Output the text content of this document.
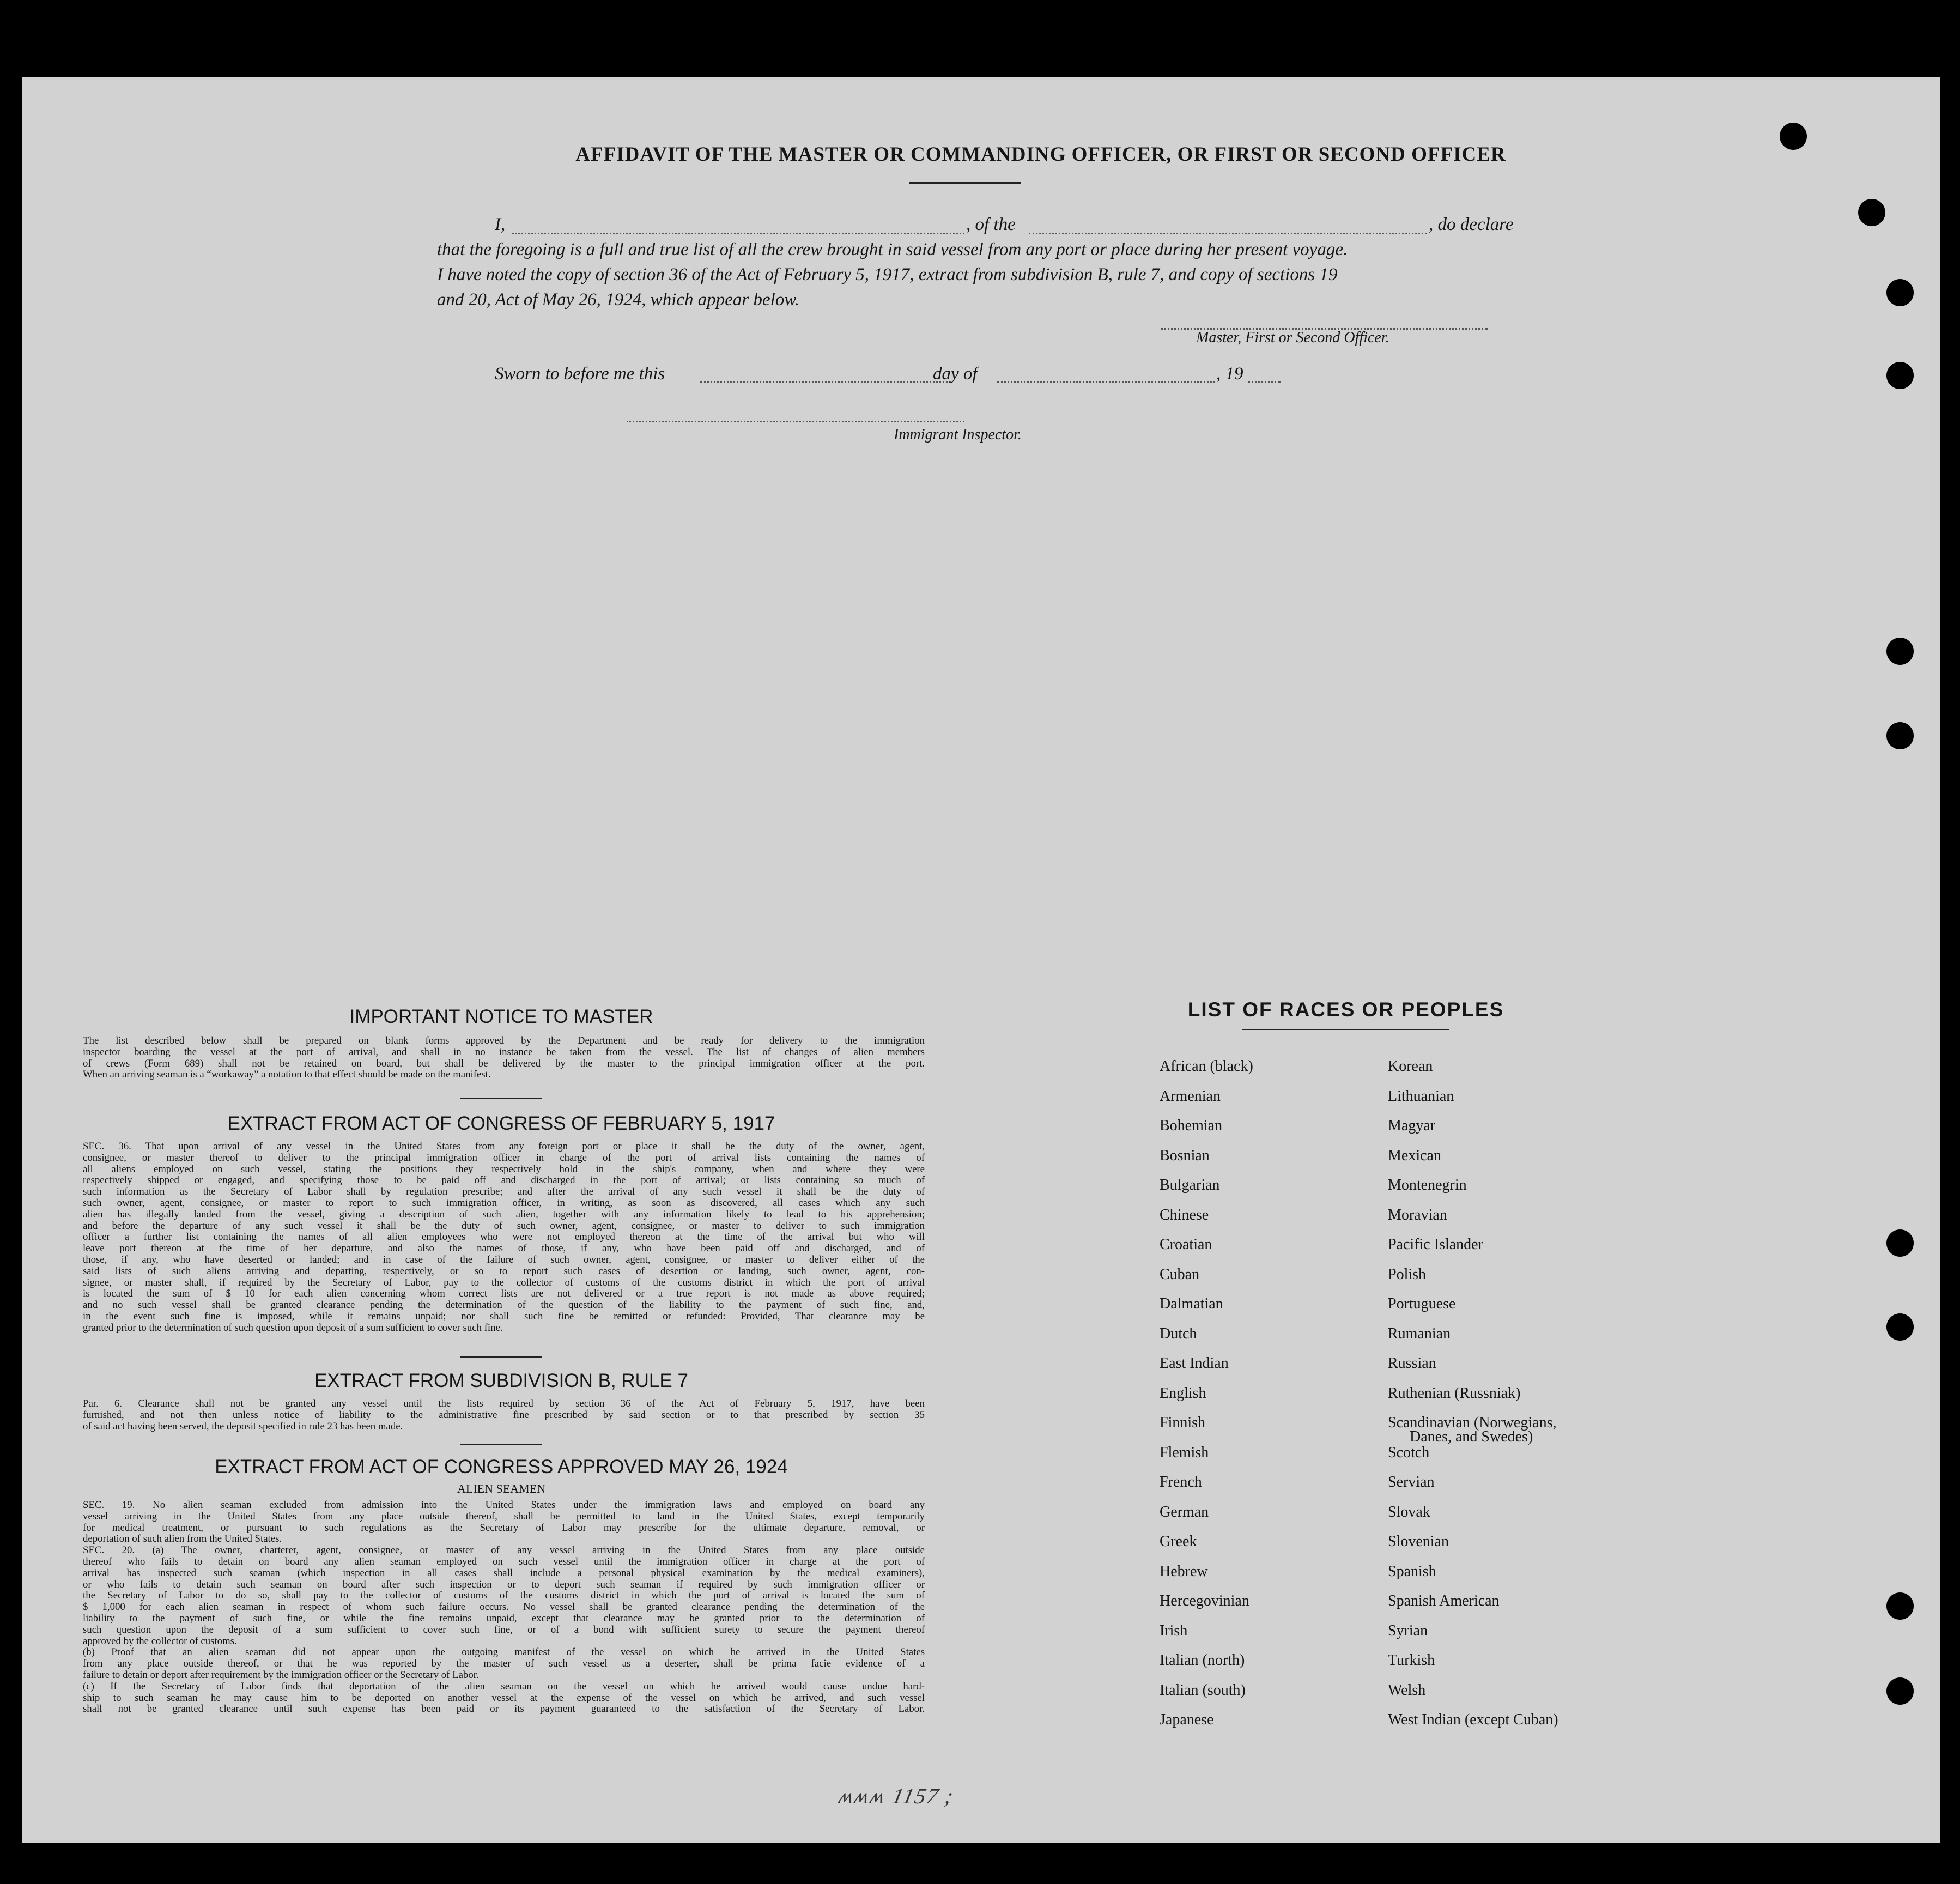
AFFIDAVIT OF THE MASTER OR COMMANDING OFFICER, OR FIRST OR SECOND OFFICER
I,	, of the	, do declare
that the foregoing is a full and true list of all the crew brought in said vessel from any port or place during her present voyage.
I have noted the copy of section 36 of the Act of February 5, 1917, extract from subdivision B, rule 7, and copy of sections 19
and 20, Act of May 26, 1924, which appear below.
Master, First or Second Officer.
Sworn to before me this	day of	, 19
Immigrant Inspector.
IMPORTANT NOTICE TO MASTER
The list described below shall be prepared on blank forms approved by the Department and be ready for delivery to the immigration
inspector boarding the vessel at the port of arrival, and shall in no instance be taken from the vessel. The list of changes of alien members
of crews (Form 689) shall not be retained on board, but shall be delivered by the master to the principal immigration officer at the port.
When an arriving seaman is a “workaway” a notation to that effect should be made on the manifest.
EXTRACT FROM ACT OF CONGRESS OF FEBRUARY 5, 1917
SEC. 36. That upon arrival of any vessel in the United States from any foreign port or place it shall be the duty of the owner, agent,
consignee, or master thereof to deliver to the principal immigration officer in charge of the port of arrival lists containing the names of
all aliens employed on such vessel, stating the positions they respectively hold in the ship's company, when and where they were
respectively shipped or engaged, and specifying those to be paid off and discharged in the port of arrival; or lists containing so much of
such information as the Secretary of Labor shall by regulation prescribe; and after the arrival of any such vessel it shall be the duty of
such owner, agent, consignee, or master to report to such immigration officer, in writing, as soon as discovered, all cases which any such
alien has illegally landed from the vessel, giving a description of such alien, together with any information likely to lead to his apprehension;
and before the departure of any such vessel it shall be the duty of such owner, agent, consignee, or master to deliver to such immigration
officer a further list containing the names of all alien employees who were not employed thereon at the time of the arrival but who will
leave port thereon at the time of her departure, and also the names of those, if any, who have been paid off and discharged, and of
those, if any, who have deserted or landed; and in case of the failure of such owner, agent, consignee, or master to deliver either of the
said lists of such aliens arriving and departing, respectively, or so to report such cases of desertion or landing, such owner, agent, con-
signee, or master shall, if required by the Secretary of Labor, pay to the collector of customs of the customs district in which the port of arrival
is located the sum of $ 10 for each alien concerning whom correct lists are not delivered or a true report is not made as above required;
and no such vessel shall be granted clearance pending the determination of the question of the liability to the payment of such fine, and,
in the event such fine is imposed, while it remains unpaid; nor shall such fine be remitted or refunded: Provided, That clearance may be
granted prior to the determination of such question upon deposit of a sum sufficient to cover such fine.
EXTRACT FROM SUBDIVISION B, RULE 7
Par. 6. Clearance shall not be granted any vessel until the lists required by section 36 of the Act of February 5, 1917, have been
furnished, and not then unless notice of liability to the administrative fine prescribed by said section or to that prescribed by section 35
of said act having been served, the deposit specified in rule 23 has been made.
EXTRACT FROM ACT OF CONGRESS APPROVED MAY 26, 1924
ALIEN SEAMEN
SEC. 19. No alien seaman excluded from admission into the United States under the immigration laws and employed on board any
vessel arriving in the United States from any place outside thereof, shall be permitted to land in the United States, except temporarily
for medical treatment, or pursuant to such regulations as the Secretary of Labor may prescribe for the ultimate departure, removal, or
deportation of such alien from the United States.
SEC. 20. (a) The owner, charterer, agent, consignee, or master of any vessel arriving in the United States from any place outside
thereof who fails to detain on board any alien seaman employed on such vessel until the immigration officer in charge at the port of
arrival has inspected such seaman (which inspection in all cases shall include a personal physical examination by the medical examiners),
or who fails to detain such seaman on board after such inspection or to deport such seaman if required by such immigration officer or
the Secretary of Labor to do so, shall pay to the collector of customs of the customs district in which the port of arrival is located the sum of
$ 1,000 for each alien seaman in respect of whom such failure occurs. No vessel shall be granted clearance pending the determination of the
liability to the payment of such fine, or while the fine remains unpaid, except that clearance may be granted prior to the determination of
such question upon the deposit of a sum sufficient to cover such fine, or of a bond with sufficient surety to secure the payment thereof
approved by the collector of customs.
(b) Proof that an alien seaman did not appear upon the outgoing manifest of the vessel on which he arrived in the United States
from any place outside thereof, or that he was reported by the master of such vessel as a deserter, shall be prima facie evidence of a
failure to detain or deport after requirement by the immigration officer or the Secretary of Labor.
(c) If the Secretary of Labor finds that deportation of the alien seaman on the vessel on which he arrived would cause undue hard-
ship to such seaman he may cause him to be deported on another vessel at the expense of the vessel on which he arrived, and such vessel
shall not be granted clearance until such expense has been paid or its payment guaranteed to the satisfaction of the Secretary of Labor.
LIST OF RACES OR PEOPLES
African (black)
Armenian
Bohemian
Bosnian
Bulgarian
Chinese
Croatian
Cuban
Dalmatian
Dutch
East Indian
English
Finnish
Flemish
French
German
Greek
Hebrew
Hercegovinian
Irish
Italian (north)
Italian (south)
Japanese
Korean
Lithuanian
Magyar
Mexican
Montenegrin
Moravian
Pacific Islander
Polish
Portuguese
Rumanian
Russian
Ruthenian (Russniak)
Scandinavian (Norwegians,
Scotch
Servian
Slovak
Slovenian
Spanish
Spanish American
Syrian
Turkish
Welsh
West Indian (except Cuban)
Danes, and Swedes)
ʍʍʍ 1157 ;
